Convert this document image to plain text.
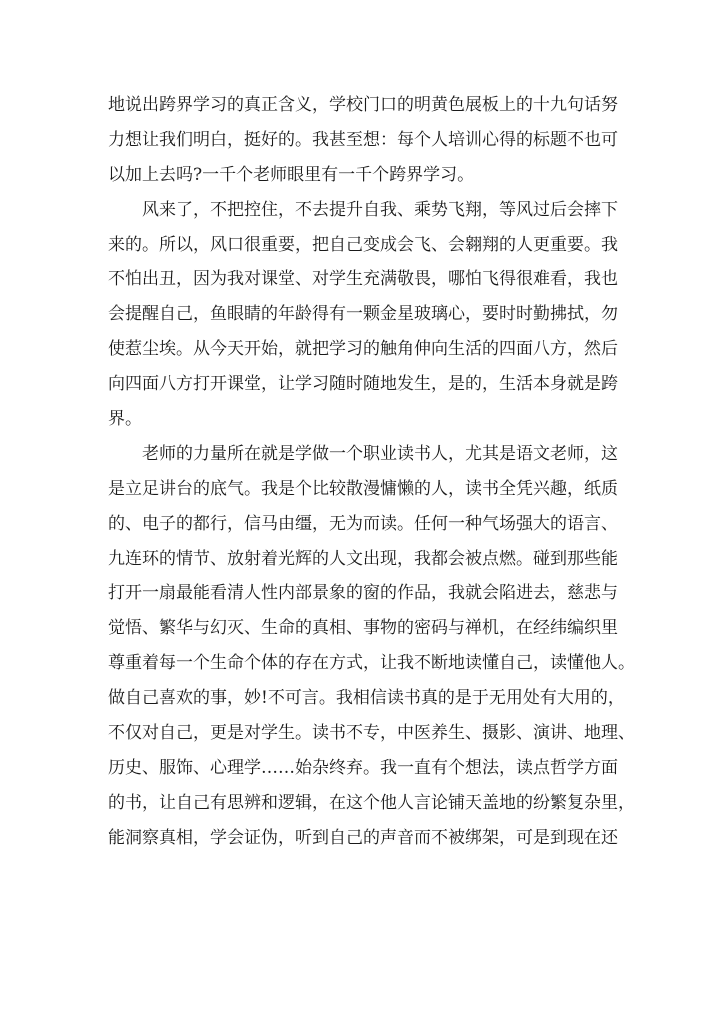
地说出跨界学习的真正含义，学校门口的明黄色展板上的十九句话努
力想让我们明白，挺好的。我甚至想：每个人培训心得的标题不也可
以加上去吗?一千个老师眼里有一千个跨界学习。
风来了，不把控住，不去提升自我、乘势飞翔，等风过后会摔下
来的。所以，风口很重要，把自己变成会飞、会翱翔的人更重要。我
不怕出丑，因为我对课堂、对学生充满敬畏，哪怕飞得很难看，我也
会提醒自己，鱼眼睛的年龄得有一颗金星玻璃心，要时时勤拂拭，勿
使惹尘埃。从今天开始，就把学习的触角伸向生活的四面八方，然后
向四面八方打开课堂，让学习随时随地发生，是的，生活本身就是跨
界。
老师的力量所在就是学做一个职业读书人，尤其是语文老师，这
是立足讲台的底气。我是个比较散漫慵懒的人，读书全凭兴趣，纸质
的、电子的都行，信马由缰，无为而读。任何一种气场强大的语言、
九连环的情节、放射着光辉的人文出现，我都会被点燃。碰到那些能
打开一扇最能看清人性内部景象的窗的作品，我就会陷进去，慈悲与
觉悟、繁华与幻灭、生命的真相、事物的密码与禅机，在经纬编织里
尊重着每一个生命个体的存在方式，让我不断地读懂自己，读懂他人。
做自己喜欢的事，妙!不可言。我相信读书真的是于无用处有大用的，
不仅对自己，更是对学生。读书不专，中医养生、摄影、演讲、地理、
历史、服饰、心理学……始杂终弃。我一直有个想法，读点哲学方面
的书，让自己有思辨和逻辑，在这个他人言论铺天盖地的纷繁复杂里，
能洞察真相，学会证伪，听到自己的声音而不被绑架，可是到现在还
